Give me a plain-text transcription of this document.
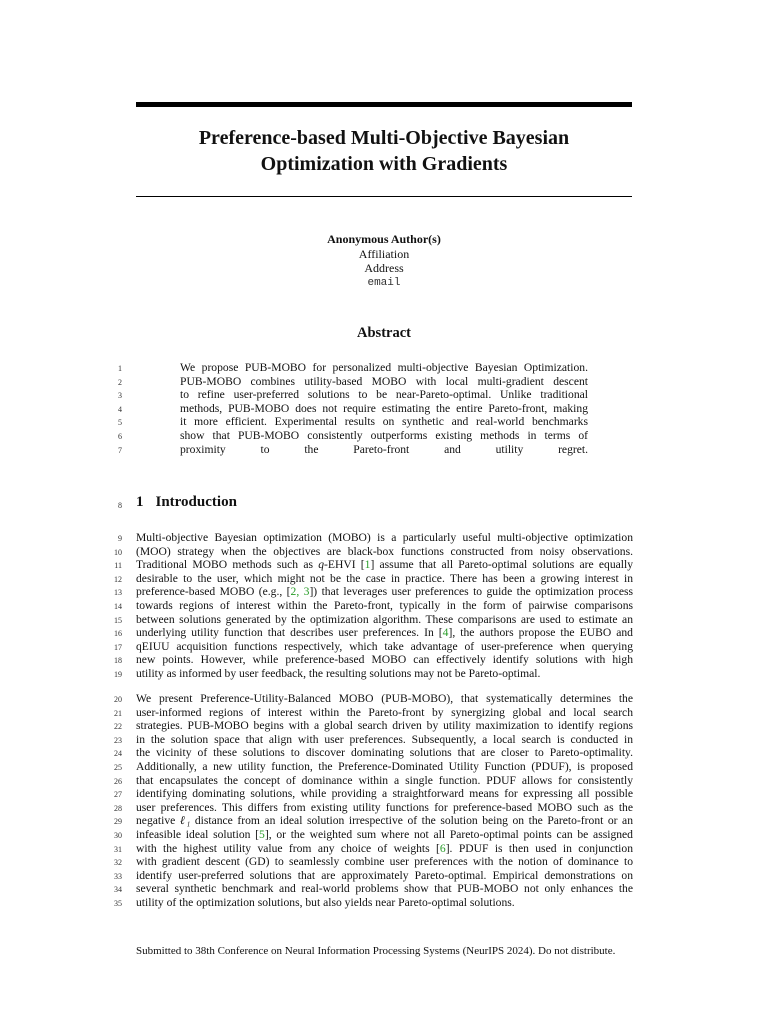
Preference-based Multi-Objective Bayesian
Optimization with Gradients
Anonymous Author(s)
Affiliation
Address
email
Abstract
1	We propose PUB-MOBO for personalized multi-objective Bayesian Optimization.
2	PUB-MOBO combines utility-based MOBO with local multi-gradient descent
3	to refine user-preferred solutions to be near-Pareto-optimal. Unlike traditional
4	methods, PUB-MOBO does not require estimating the entire Pareto-front, making
5	it more efficient. Experimental results on synthetic and real-world benchmarks
6	show that PUB-MOBO consistently outperforms existing methods in terms of
7	proximity to the Pareto-front and utility regret.
8 1 Introduction
9 Multi-objective Bayesian optimization (MOBO) is a particularly useful multi-objective optimization
10 (MOO) strategy when the objectives are black-box functions constructed from noisy observations.
11 Traditional MOBO methods such as q-EHVI [1] assume that all Pareto-optimal solutions are equally
12 desirable to the user, which might not be the case in practice. There has been a growing interest in
13 preference-based MOBO (e.g., [2, 3]) that leverages user preferences to guide the optimization process
14 towards regions of interest within the Pareto-front, typically in the form of pairwise comparisons
15 between solutions generated by the optimization algorithm. These comparisons are used to estimate an
16 underlying utility function that describes user preferences. In [4], the authors propose the EUBO and
17 qEIUU acquisition functions respectively, which take advantage of user-preference when querying
18 new points. However, while preference-based MOBO can effectively identify solutions with high
19 utility as informed by user feedback, the resulting solutions may not be Pareto-optimal.
20 We present Preference-Utility-Balanced MOBO (PUB-MOBO), that systematically determines the
21 user-informed regions of interest within the Pareto-front by synergizing global and local search
22 strategies. PUB-MOBO begins with a global search driven by utility maximization to identify regions
23 in the solution space that align with user preferences. Subsequently, a local search is conducted in
24 the vicinity of these solutions to discover dominating solutions that are closer to Pareto-optimality.
25 Additionally, a new utility function, the Preference-Dominated Utility Function (PDUF), is proposed
26 that encapsulates the concept of dominance within a single function. PDUF allows for consistently
27 identifying dominating solutions, while providing a straightforward means for expressing all possible
28 user preferences. This differs from existing utility functions for preference-based MOBO such as the
29 negative ℓ₁ distance from an ideal solution irrespective of the solution being on the Pareto-front or an
30 infeasible ideal solution [5], or the weighted sum where not all Pareto-optimal points can be assigned
31 with the highest utility value from any choice of weights [6]. PDUF is then used in conjunction
32 with gradient descent (GD) to seamlessly combine user preferences with the notion of dominance to
33 identify user-preferred solutions that are approximately Pareto-optimal. Empirical demonstrations on
34 several synthetic benchmark and real-world problems show that PUB-MOBO not only enhances the
35 utility of the optimization solutions, but also yields near Pareto-optimal solutions.
Submitted to 38th Conference on Neural Information Processing Systems (NeurIPS 2024). Do not distribute.
